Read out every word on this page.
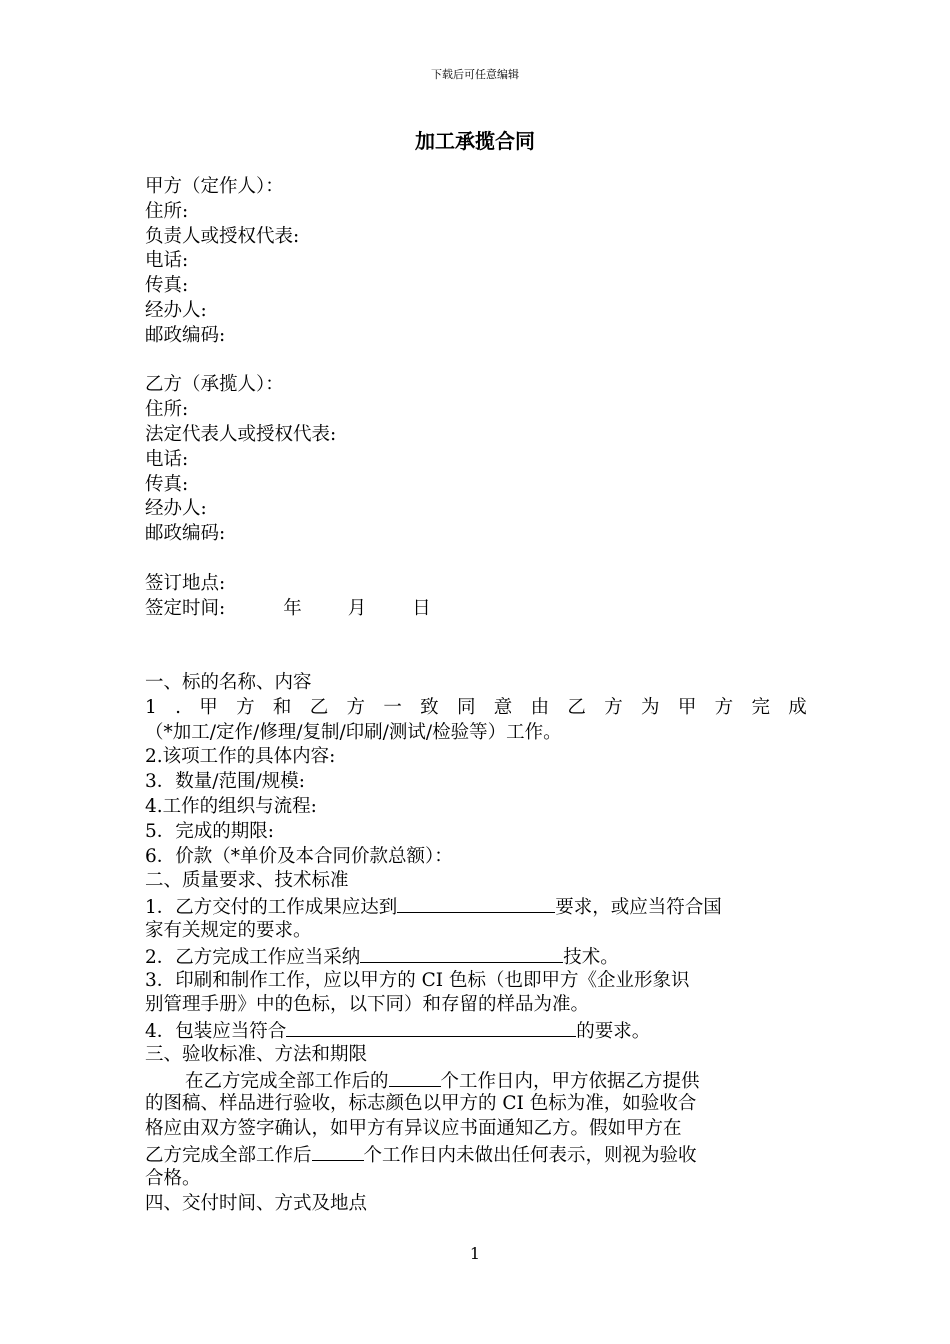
下载后可任意编辑
加工承揽合同
甲方（定作人）：
住所:
负责人或授权代表:
电话:
传真:
经办人:
邮政编码:
乙方（承揽人）：
住所:
法定代表人或授权代表:
电话:
传真:
经办人:
邮政编码:
签订地点:
签定时间:	年 月 日
一、标的名称、内容
1 . 甲 方 和 乙 方 一 致 同 意 由 乙 方 为 甲 方 完 成
（*加工/定作/修理/复制/印刷/测试/检验等）工作。
2.该项工作的具体内容:
3．数量/范围/规模:
4.工作的组织与流程:
5．完成的期限:
6．价款（*单价及本合同价款总额）：
二、质量要求、技术标准
1．乙方交付的工作成果应达到	要求，或应当符合国
家有关规定的要求。
2．乙方完成工作应当采纳	技术。
3．印刷和制作工作，应以甲方的 CI 色标（也即甲方《企业形象识
别管理手册》中的色标，以下同）和存留的样品为准。
4．包装应当符合	的要求。
三、验收标准、方法和期限
在乙方完成全部工作后的	个工作日内，甲方依据乙方提供
的图稿、样品进行验收，标志颜色以甲方的 CI 色标为准，如验收合
格应由双方签字确认，如甲方有异议应书面通知乙方。假如甲方在
乙方完成全部工作后	个工作日内未做出任何表示，则视为验收
合格。
四、交付时间、方式及地点
1
